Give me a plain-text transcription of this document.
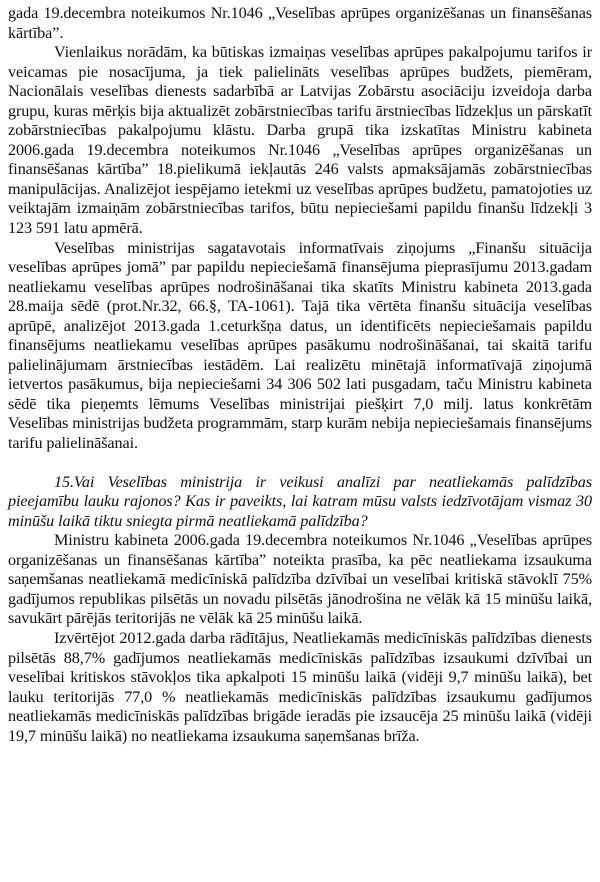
gada 19.decembra noteikumos Nr.1046 „Veselības aprūpes organizēšanas un finansēšanas kārtība”.

Vienlaikus norādām, ka būtiskas izmaiņas veselības aprūpes pakalpojumu tarifos ir veicamas pie nosacījuma, ja tiek palielināts veselības aprūpes budžets, piemēram, Nacionālais veselības dienests sadarbībā ar Latvijas Zobārstu asociāciju izveidoja darba grupu, kuras mērķis bija aktualizēt zobārstniecības tarifu ārstniecības līdzekļus un pārskatīt zobārstniecības pakalpojumu klāstu. Darba grupā tika izskatītas Ministru kabineta 2006.gada 19.decembra noteikumos Nr.1046 „Veselības aprūpes organizēšanas un finansēšanas kārtība” 18.pielikumā iekļautās 246 valsts apmaksājamās zobārstniecības manipulācijas. Analizējot iespējamo ietekmi uz veselības aprūpes budžetu, pamatojoties uz veiktajām izmaiņām zobārstniecības tarifos, būtu nepieciešami papildu finanšu līdzekļi 3 123 591 latu apmērā.

Veselības ministrijas sagatavotais informatīvais ziņojums „Finanšu situācija veselības aprūpes jomā” par papildu nepieciešamā finansējuma pieprasījumu 2013.gadam neatliekamu veselības aprūpes nodrošināšanai tika skatīts Ministru kabineta 2013.gada 28.maija sēdē (prot.Nr.32, 66.§, TA-1061). Tajā tika vērtēta finanšu situācija veselības aprūpē, analizējot 2013.gada 1.ceturkšņa datus, un identificēts nepieciešamais papildu finansējums neatliekamu veselības aprūpes pasākumu nodrošināšanai, tai skaitā tarifu palielinājumam ārstniecības iestādēm. Lai realizētu minētajā informatīvajā ziņojumā ietvertos pasākumus, bija nepieciešami 34 306 502 lati pusgadam, taču Ministru kabineta sēdē tika pieņemts lēmums Veselības ministrijai piešķirt 7,0 milj. latus konkrētām Veselības ministrijas budžeta programmām, starp kurām nebija nepieciešamais finansējums tarifu palielināšanai.

15.Vai Veselības ministrija ir veikusi analīzi par neatliekamās palīdzības pieejamību lauku rajonos? Kas ir paveikts, lai katram mūsu valsts iedzīvotājam vismaz 30 minūšu laikā tiktu sniegta pirmā neatliekamā palīdzība?

Ministru kabineta 2006.gada 19.decembra noteikumos Nr.1046 „Veselības aprūpes organizēšanas un finansēšanas kārtība” noteikta prasība, ka pēc neatliekama izsaukuma saņemšanas neatliekamā medicīniskā palīdzība dzīvībai un veselībai kritiskā stāvoklī 75% gadījumos republikas pilsētās un novadu pilsētās jānodrošina ne vēlāk kā 15 minūšu laikā, savukārt pārējās teritorijās ne vēlāk kā 25 minūšu laikā.

Izvērtējot 2012.gada darba rādītājus, Neatliekamās medicīniskās palīdzības dienests pilsētās 88,7% gadījumos neatliekamās medicīniskās palīdzības izsaukumi dzīvībai un veselībai kritiskos stāvokļos tika apkalpoti 15 minūšu laikā (vidēji 9,7 minūšu laikā), bet lauku teritorijās 77,0 % neatliekamās medicīniskās palīdzības izsaukumu gadījumos neatliekamās medicīniskās palīdzības brigāde ieradās pie izsaucēja 25 minūšu laikā (vidēji 19,7 minūšu laikā) no neatliekama izsaukuma saņemšanas brīža.
